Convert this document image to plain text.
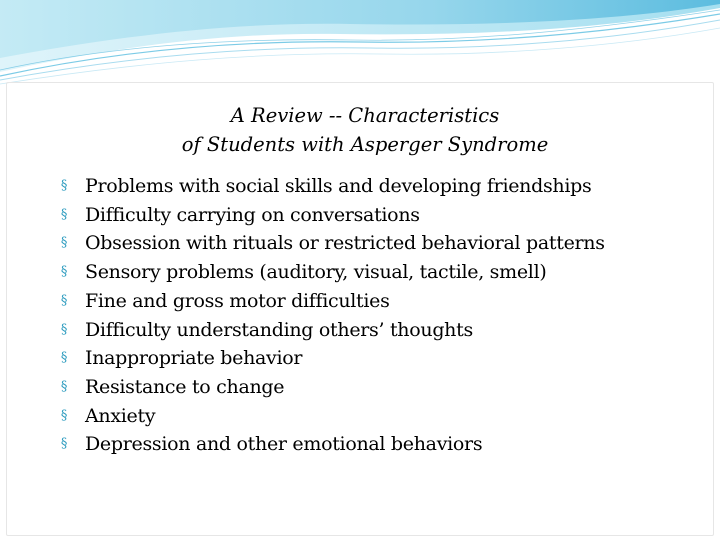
A Review -- Characteristics
of Students with Asperger Syndrome
§ Problems with social skills and developing friendships
§ Difficulty carrying on conversations
§ Obsession with rituals or restricted behavioral patterns
§ Sensory problems (auditory, visual, tactile, smell)
§ Fine and gross motor difficulties
§ Difficulty understanding others’ thoughts
§ Inappropriate behavior
§ Resistance to change
§ Anxiety
§ Depression and other emotional behaviors
